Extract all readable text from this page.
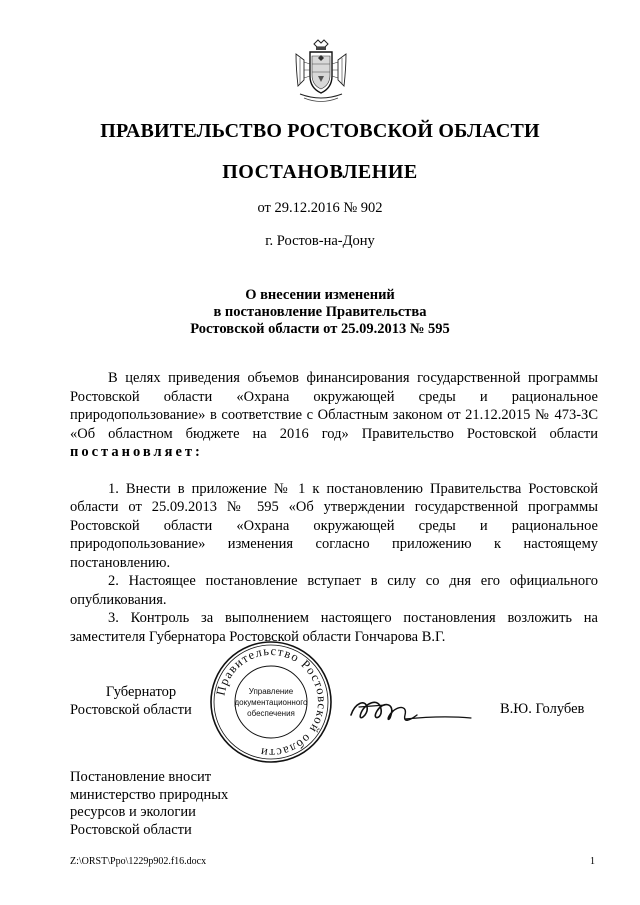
ПРАВИТЕЛЬСТВО РОСТОВСКОЙ ОБЛАСТИ
ПОСТАНОВЛЕНИЕ
от 29.12.2016 № 902
г. Ростов-на-Дону
О внесении изменений
в постановление Правительства
Ростовской области от 25.09.2013 № 595

В целях приведения объемов финансирования государственной программы Ростовской области «Охрана окружающей среды и рациональное природопользование» в соответствие с Областным законом от 21.12.2015 № 473-ЗС «Об областном бюджете на 2016 год» Правительство Ростовской области постановляет:

1. Внести в приложение № 1 к постановлению Правительства Ростовской области от 25.09.2013 № 595 «Об утверждении государственной программы Ростовской области «Охрана окружающей среды и рациональное природопользование» изменения согласно приложению к настоящему постановлению.

2. Настоящее постановление вступает в силу со дня его официального опубликования.

3. Контроль за выполнением настоящего постановления возложить на заместителя Губернатора Ростовской области Гончарова В.Г.

Губернатор
Ростовской области
Правительство Ростовской области
Управление
документационного
обеспечения	В.Ю. Голубев
Постановление вносит
министерство природных
ресурсов и экологии
Ростовской области
Z:\ORST\Ppo\1229p902.f16.docx	1
